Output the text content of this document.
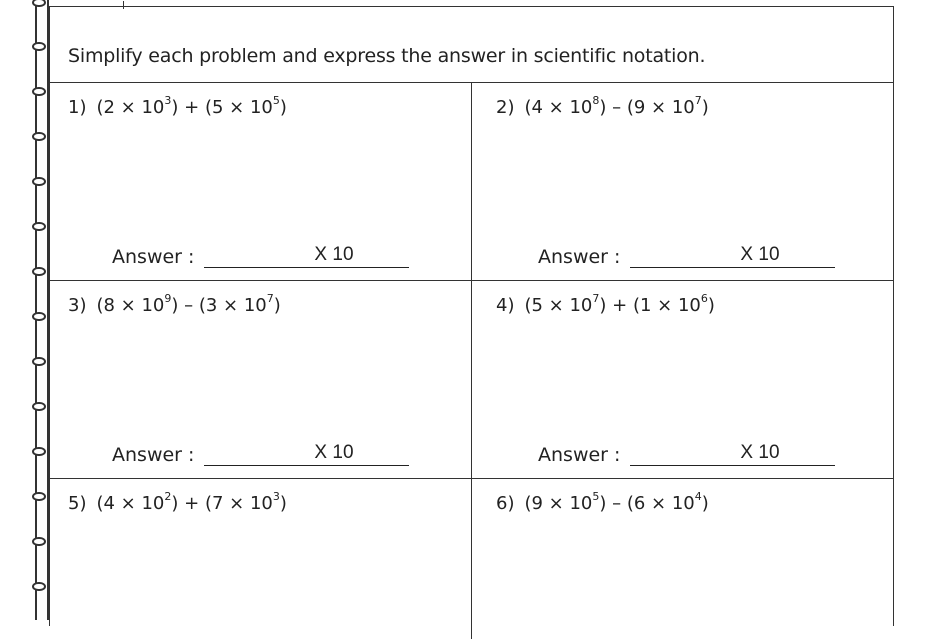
Simplify each problem and express the answer in scientific notation.
1) $(2 \times 10^3) + (5 \times 10^5)$
Answer :	X 10
2) $(4 \times 10^8) - (9 \times 10^7)$
Answer :	X 10
3) $(8 \times 10^9) - (3 \times 10^7)$
Answer :	X 10
4) $(5 \times 10^7) + (1 \times 10^6)$
Answer :	X 10
5) $(4 \times 10^2) + (7 \times 10^3)$	6) $(9 \times 10^5) - (6 \times 10^4)$
